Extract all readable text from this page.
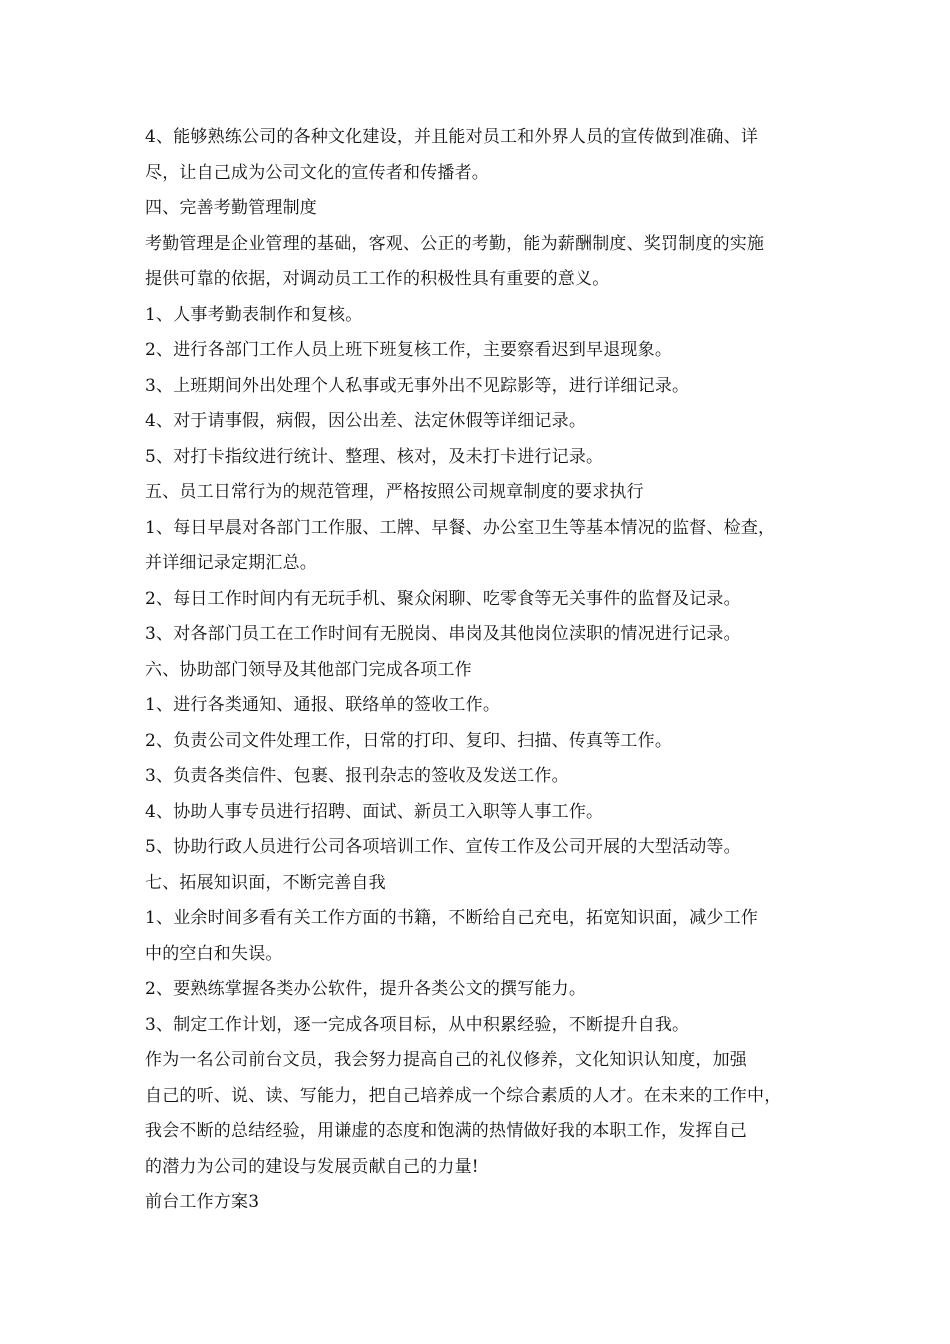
4、能够熟练公司的各种文化建设，并且能对员工和外界人员的宣传做到准确、详

尽，让自己成为公司文化的宣传者和传播者。

四、完善考勤管理制度

考勤管理是企业管理的基础，客观、公正的考勤，能为薪酬制度、奖罚制度的实施

提供可靠的依据，对调动员工工作的积极性具有重要的意义。

1、人事考勤表制作和复核。

2、进行各部门工作人员上班下班复核工作，主要察看迟到早退现象。

3、上班期间外出处理个人私事或无事外出不见踪影等，进行详细记录。

4、对于请事假，病假，因公出差、法定休假等详细记录。

5、对打卡指纹进行统计、整理、核对，及未打卡进行记录。

五、员工日常行为的规范管理，严格按照公司规章制度的要求执行

1、每日早晨对各部门工作服、工牌、早餐、办公室卫生等基本情况的监督、检查，

并详细记录定期汇总。

2、每日工作时间内有无玩手机、聚众闲聊、吃零食等无关事件的监督及记录。

3、对各部门员工在工作时间有无脱岗、串岗及其他岗位渎职的情况进行记录。

六、协助部门领导及其他部门完成各项工作

1、进行各类通知、通报、联络单的签收工作。

2、负责公司文件处理工作，日常的打印、复印、扫描、传真等工作。

3、负责各类信件、包裹、报刊杂志的签收及发送工作。

4、协助人事专员进行招聘、面试、新员工入职等人事工作。

5、协助行政人员进行公司各项培训工作、宣传工作及公司开展的大型活动等。

七、拓展知识面，不断完善自我

1、业余时间多看有关工作方面的书籍，不断给自己充电，拓宽知识面，减少工作

中的空白和失误。

2、要熟练掌握各类办公软件，提升各类公文的撰写能力。

3、制定工作计划，逐一完成各项目标，从中积累经验，不断提升自我。

作为一名公司前台文员，我会努力提高自己的礼仪修养，文化知识认知度，加强

自己的听、说、读、写能力，把自己培养成一个综合素质的人才。在未来的工作中，

我会不断的总结经验，用谦虚的态度和饱满的热情做好我的本职工作，发挥自己

的潜力为公司的建设与发展贡献自己的力量!

前台工作方案3
